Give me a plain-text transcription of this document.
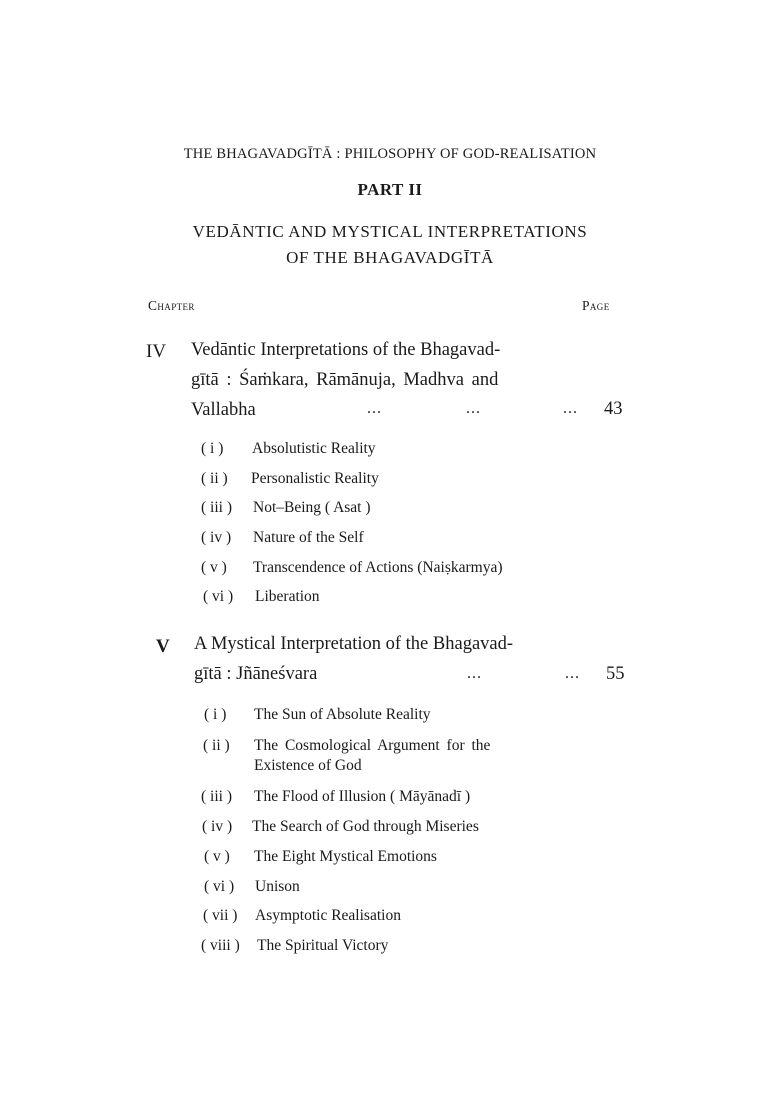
THE BHAGAVADGĪTĀ : PHILOSOPHY OF GOD-REALISATION
PART II
VEDĀNTIC AND MYSTICAL INTERPRETATIONS
OF THE BHAGAVADGĪTĀ
Chapter	Page
IV Vedāntic Interpretations of the Bhagavad-
gītā : Śaṁkara, Rāmānuja, Madhva and
Vallabha	...	...	... 43
( i ) Absolutistic Reality
( ii ) Personalistic Reality
( iii ) Not–Being ( Asat )
( iv ) Nature of the Self
( v ) Transcendence of Actions (Naiṣkarmya)
( vi ) Liberation
V A Mystical Interpretation of the Bhagavad-
gītā : Jñāneśvara	...	... 55
( i ) The Sun of Absolute Reality
( ii ) The Cosmological Argument for the
Existence of God
( iii ) The Flood of Illusion ( Māyānadī )
( iv ) The Search of God through Miseries
( v ) The Eight Mystical Emotions
( vi ) Unison
( vii ) Asymptotic Realisation
( viii ) The Spiritual Victory
